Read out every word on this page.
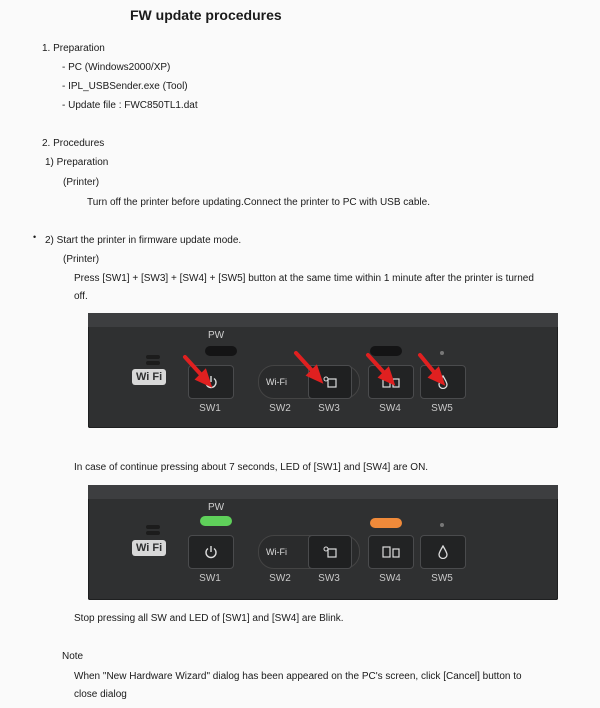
FW update procedures
1. Preparation
- PC (Windows2000/XP)
- IPL_USBSender.exe (Tool)
- Update file : FWC850TL1.dat
2. Procedures
1) Preparation
(Printer)
Turn off the printer before updating.Connect the printer to PC with USB cable.
• 2) Start the printer in firmware update mode.
(Printer)
Press [SW1] + [SW3] + [SW4] + [SW5] button at the same time within 1 minute after the printer is turned
off.
PW
Wi Fi	Wi-Fi
SW1	SW2	SW3	SW4	SW5
In case of continue pressing about 7 seconds, LED of [SW1] and [SW4] are ON.
PW
Wi Fi	Wi-Fi
SW1	SW2	SW3	SW4	SW5
Stop pressing all SW and LED of [SW1] and [SW4] are Blink.
Note
When "New Hardware Wizard" dialog has been appeared on the PC's screen, click [Cancel] button to
close dialog
